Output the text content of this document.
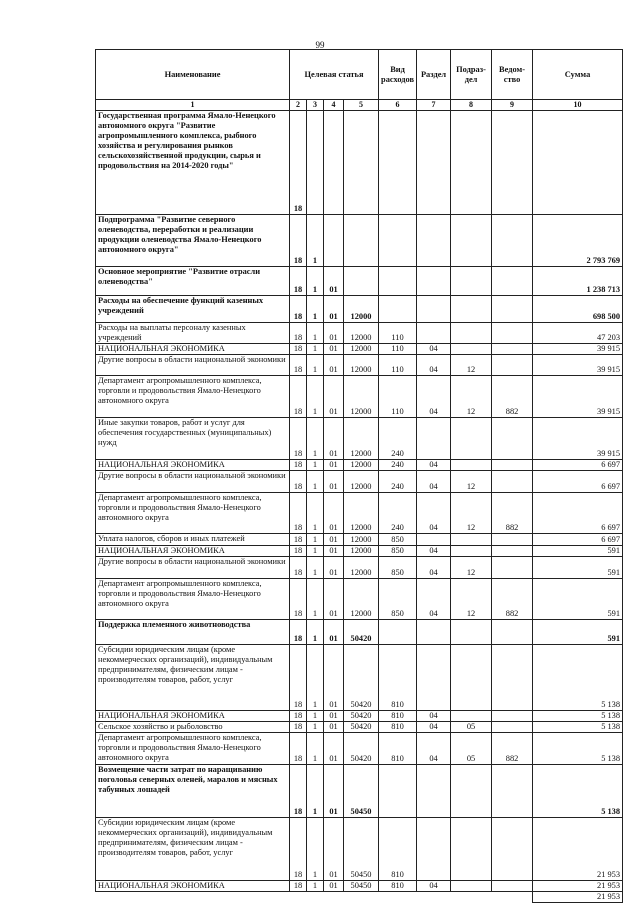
99
Наименование	Целевая статья				Вид расходов	Раздел	Подраз-дел	Ведом-ство	Сумма
1	2	3	4	5	6	7	8	9	10
Государственная программа Ямало-Ненецкого автономного округа "Развитие агропромышленного комплекса, рыбного хозяйства и регулирования рынков сельскохозяйственной продукции, сырья и продовольствия на 2014-2020 годы"	18								
Подпрограмма "Развитие северного оленеводства, переработки и реализации продукции оленеводства Ямало-Ненецкого автономного округа"	18	1							2 793 769
Основное мероприятие "Развитие отрасли оленеводства"	18	1	01						1 238 713
Расходы на обеспечение функций казенных учреждений	18	1	01	12000					698 500
Расходы на выплаты персоналу казенных учреждений	18	1	01	12000	110				47 203
НАЦИОНАЛЬНАЯ ЭКОНОМИКА	18	1	01	12000	110	04			39 915
Другие вопросы в области национальной экономики	18	1	01	12000	110	04	12		39 915
Департамент агропромышленного комплекса, торговли и продовольствия Ямало-Ненецкого автономного округа	18	1	01	12000	110	04	12	882	39 915
Иные закупки товаров, работ и услуг для обеспечения государственных (муниципальных) нужд	18	1	01	12000	240				39 915
НАЦИОНАЛЬНАЯ ЭКОНОМИКА	18	1	01	12000	240	04			6 697
Другие вопросы в области национальной экономики	18	1	01	12000	240	04	12		6 697
Департамент агропромышленного комплекса, торговли и продовольствия Ямало-Ненецкого автономного округа	18	1	01	12000	240	04	12	882	6 697
Уплата налогов, сборов и иных платежей	18	1	01	12000	850				6 697
НАЦИОНАЛЬНАЯ ЭКОНОМИКА	18	1	01	12000	850	04			591
Другие вопросы в области национальной экономики	18	1	01	12000	850	04	12		591
Департамент агропромышленного комплекса, торговли и продовольствия Ямало-Ненецкого автономного округа	18	1	01	12000	850	04	12	882	591
Поддержка племенного животноводства	18	1	01	50420					591
Субсидии юридическим лицам (кроме некоммерческих организаций), индивидуальным предпринимателям, физическим лицам - производителям товаров, работ, услуг	18	1	01	50420	810				5 138
НАЦИОНАЛЬНАЯ ЭКОНОМИКА	18	1	01	50420	810	04			5 138
Сельское хозяйство и рыболовство	18	1	01	50420	810	04	05		5 138
Департамент агропромышленного комплекса, торговли и продовольствия Ямало-Ненецкого автономного округа	18	1	01	50420	810	04	05	882	5 138
Возмещение части затрат по наращиванию поголовья северных оленей, маралов и мясных табунных лошадей	18	1	01	50450					5 138
Субсидии юридическим лицам (кроме некоммерческих организаций), индивидуальным предпринимателям, физическим лицам - производителям товаров, работ, услуг	18	1	01	50450	810				21 953
НАЦИОНАЛЬНАЯ ЭКОНОМИКА	18	1	01	50450	810	04			21 953
									21 953
